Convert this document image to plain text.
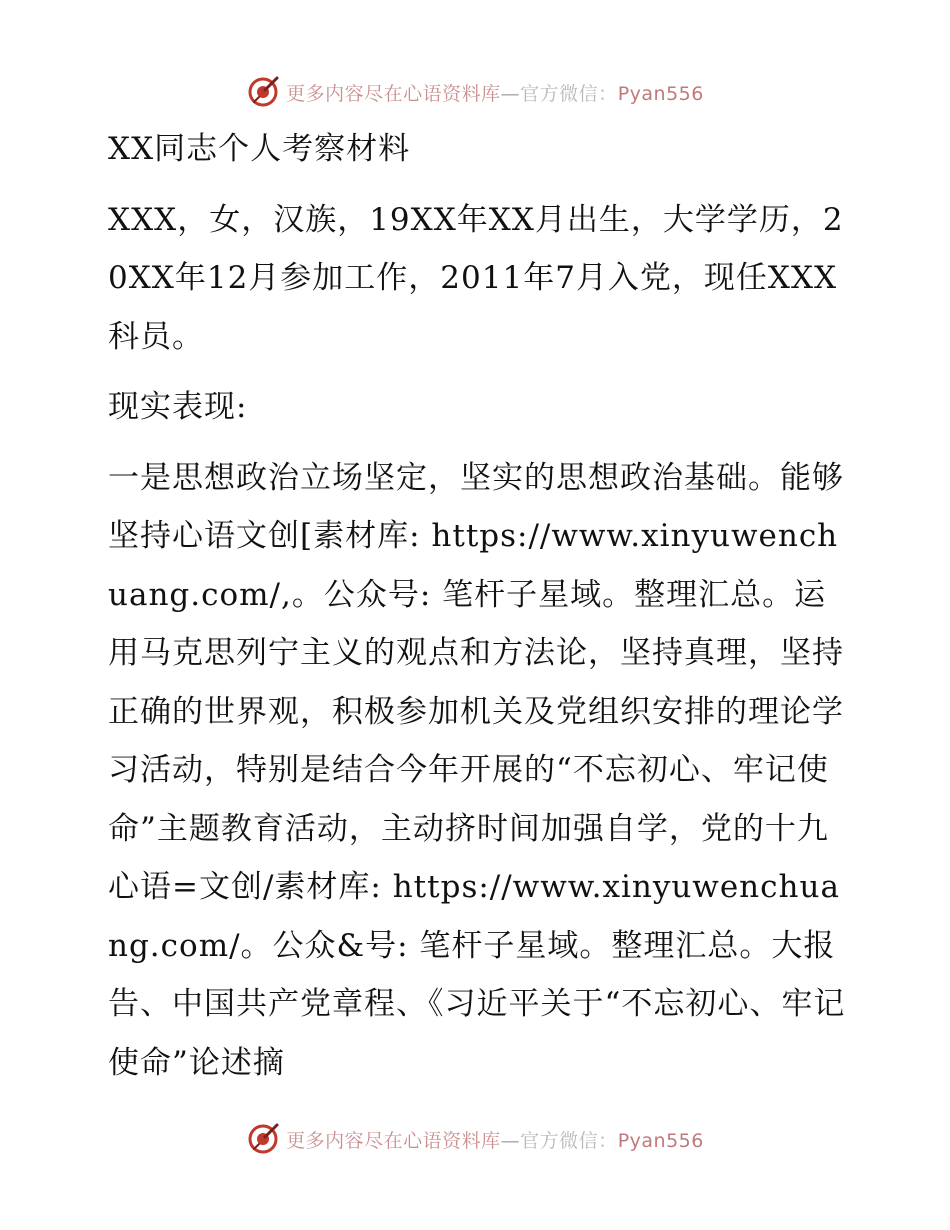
更多内容尽在心语资料库—官方微信：Pyan556

XX同志个人考察材料

XXX，女，汉族，19XX年XX月出生，大学学历，20XX年12月参加工作，2011年7月入党，现任XXX科员。

现实表现:

一是思想政治立场坚定，坚实的思想政治基础。能够坚持心语文创[素材库: https://www.xinyuwenchuang.com/,。公众号: 笔杆子星域。整理汇总。运用马克思列宁主义的观点和方法论，坚持真理，坚持正确的世界观，积极参加机关及党组织安排的理论学习活动，特别是结合今年开展的“不忘初心、牢记使命”主题教育活动，主动挤时间加强自学，党的十九心语=文创/素材库: https://www.xinyuwenchuang.com/。公众&号: 笔杆子星域。整理汇总。大报告、中国共产党章程、《习近平关于“不忘初心、牢记使命”论述摘

更多内容尽在心语资料库—官方微信：Pyan556
